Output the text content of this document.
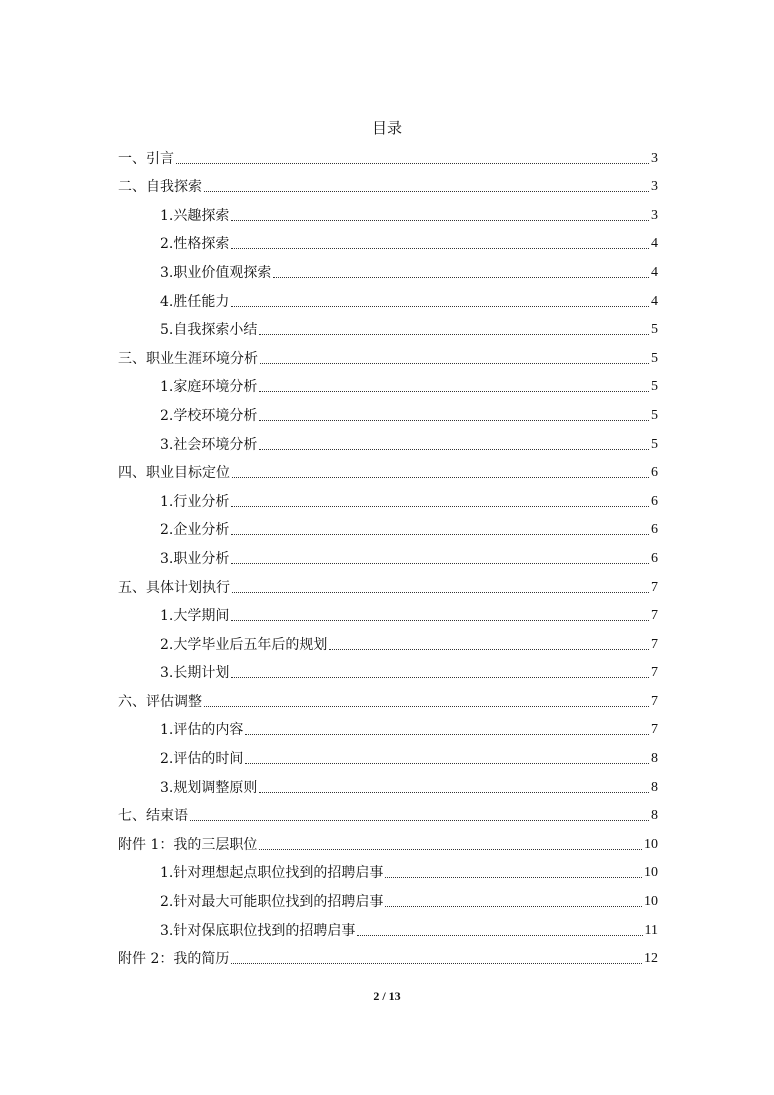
目录
一、引言	3
二、自我探索	3
1.兴趣探索	3
2.性格探索	4
3.职业价值观探索	4
4.胜任能力	4
5.自我探索小结	5
三、职业生涯环境分析	5
1.家庭环境分析	5
2.学校环境分析	5
3.社会环境分析	5
四、职业目标定位	6
1.行业分析	6
2.企业分析	6
3.职业分析	6
五、具体计划执行	7
1.大学期间	7
2.大学毕业后五年后的规划	7
3.长期计划	7
六、评估调整	7
1.评估的内容	7
2.评估的时间	8
3.规划调整原则	8
七、结束语	8
附件 1：我的三层职位	10
1.针对理想起点职位找到的招聘启事	10
2.针对最大可能职位找到的招聘启事	10
3.针对保底职位找到的招聘启事	11
附件 2：我的简历	12
2 / 13
